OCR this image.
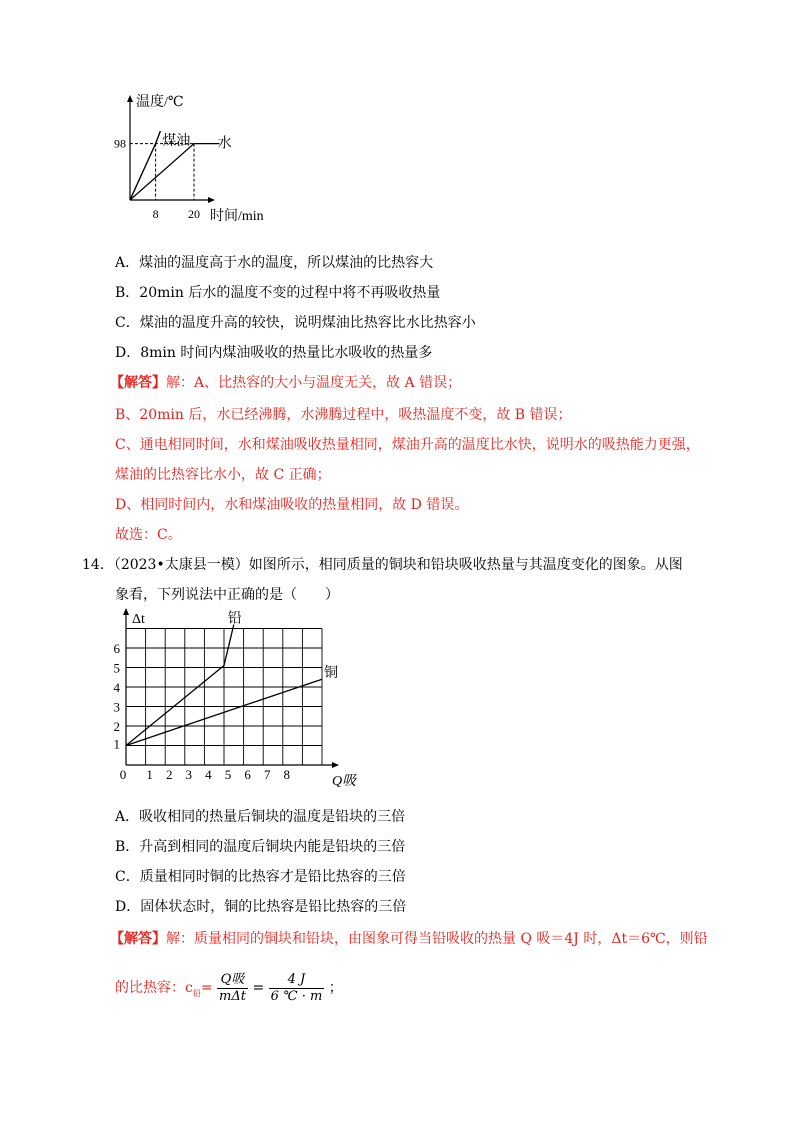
温度/℃
时间/min
8 20
98	煤油 水
A．煤油的温度高于水的温度，所以煤油的比热容大
B．20min 后水的温度不变的过程中将不再吸收热量
C．煤油的温度升高的较快，说明煤油比热容比水比热容小
D．8min 时间内煤油吸收的热量比水吸收的热量多
【解答】解：A、比热容的大小与温度无关，故 A 错误；
B、20min 后，水已经沸腾，水沸腾过程中，吸热温度不变，故 B 错误；
C、通电相同时间，水和煤油吸收热量相同，煤油升高的温度比水快，说明水的吸热能力更强，
煤油的比热容比水小，故 C 正确；
D、相同时间内，水和煤油吸收的热量相同，故 D 错误。
故选：C。
14．（2023•太康县一模）如图所示，相同质量的铜块和铅块吸收热量与其温度变化的图象。从图
象看，下列说法中正确的是（　　）
Δt
Q吸
0 1 2 3 4 5 6 7 8
1
2
3
4
5
6
铅
铜
A．吸收相同的热量后铜块的温度是铅块的三倍
B．升高到相同的温度后铜块内能是铅块的三倍
C．质量相同时铜的比热容才是铅比热容的三倍
D．固体状态时，铜的比热容是铅比热容的三倍
【解答】解：质量相同的铜块和铅块，由图象可得当铅吸收的热量 Q 吸＝4J 时，Δt＝6℃，则铅
的比热容：$c_铅= \frac{\text{Q吸}}{\text{mΔt}} = \frac{4 J}{6 ℃ \cdot m}$ ；
